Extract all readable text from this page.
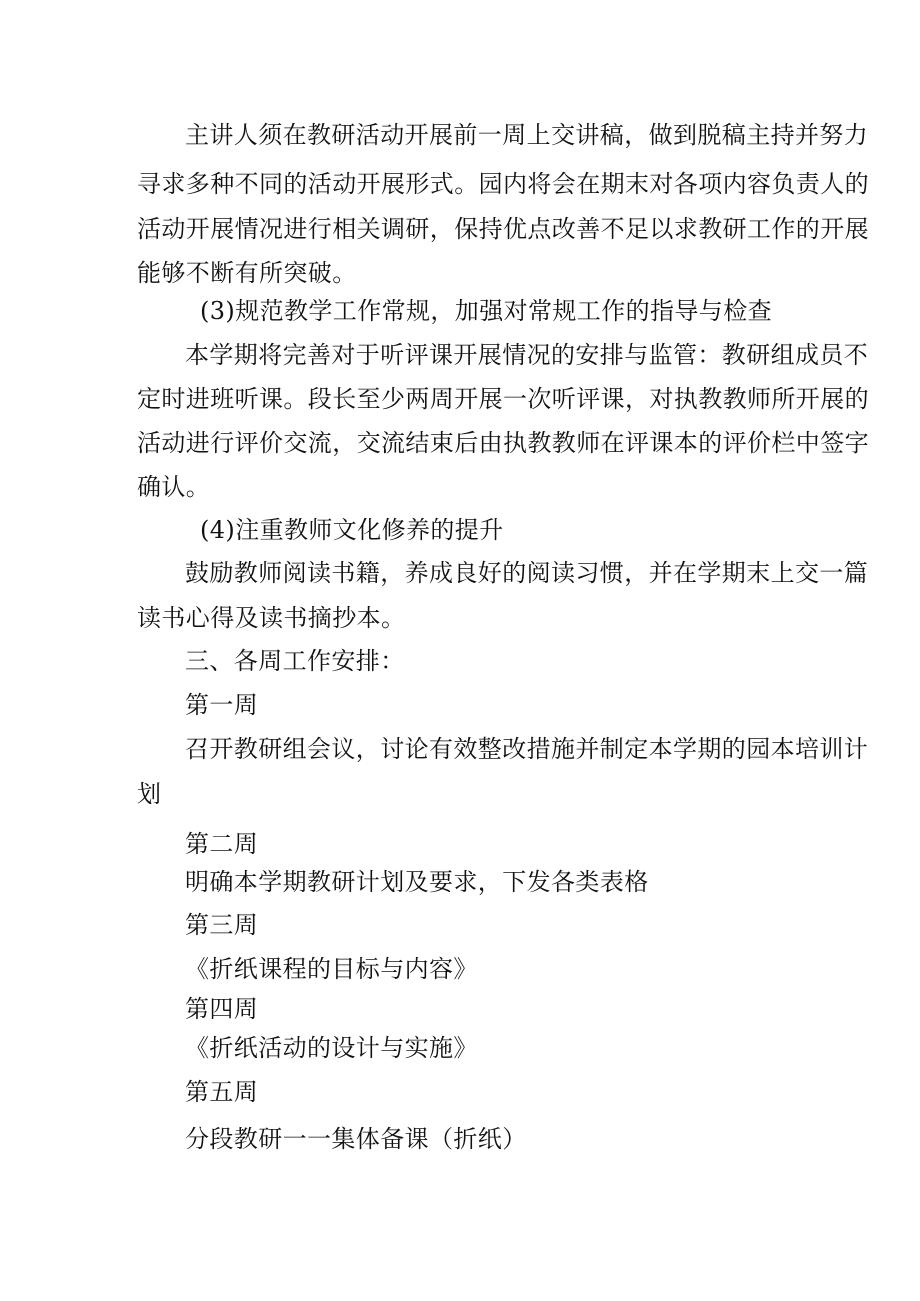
主讲人须在教研活动开展前一周上交讲稿，做到脱稿主持并努力
寻求多种不同的活动开展形式。园内将会在期末对各项内容负责人的
活动开展情况进行相关调研，保持优点改善不足以求教研工作的开展
能够不断有所突破。
(3)规范教学工作常规，加强对常规工作的指导与检查
本学期将完善对于听评课开展情况的安排与监管：教研组成员不
定时进班听课。段长至少两周开展一次听评课，对执教教师所开展的
活动进行评价交流，交流结束后由执教教师在评课本的评价栏中签字
确认。
(4)注重教师文化修养的提升
鼓励教师阅读书籍，养成良好的阅读习惯，并在学期末上交一篇
读书心得及读书摘抄本。
三、各周工作安排：
第一周
召开教研组会议，讨论有效整改措施并制定本学期的园本培训计
划
第二周
明确本学期教研计划及要求，下发各类表格
第三周
《折纸课程的目标与内容》
第四周
《折纸活动的设计与实施》
第五周
分段教研一一集体备课（折纸）
